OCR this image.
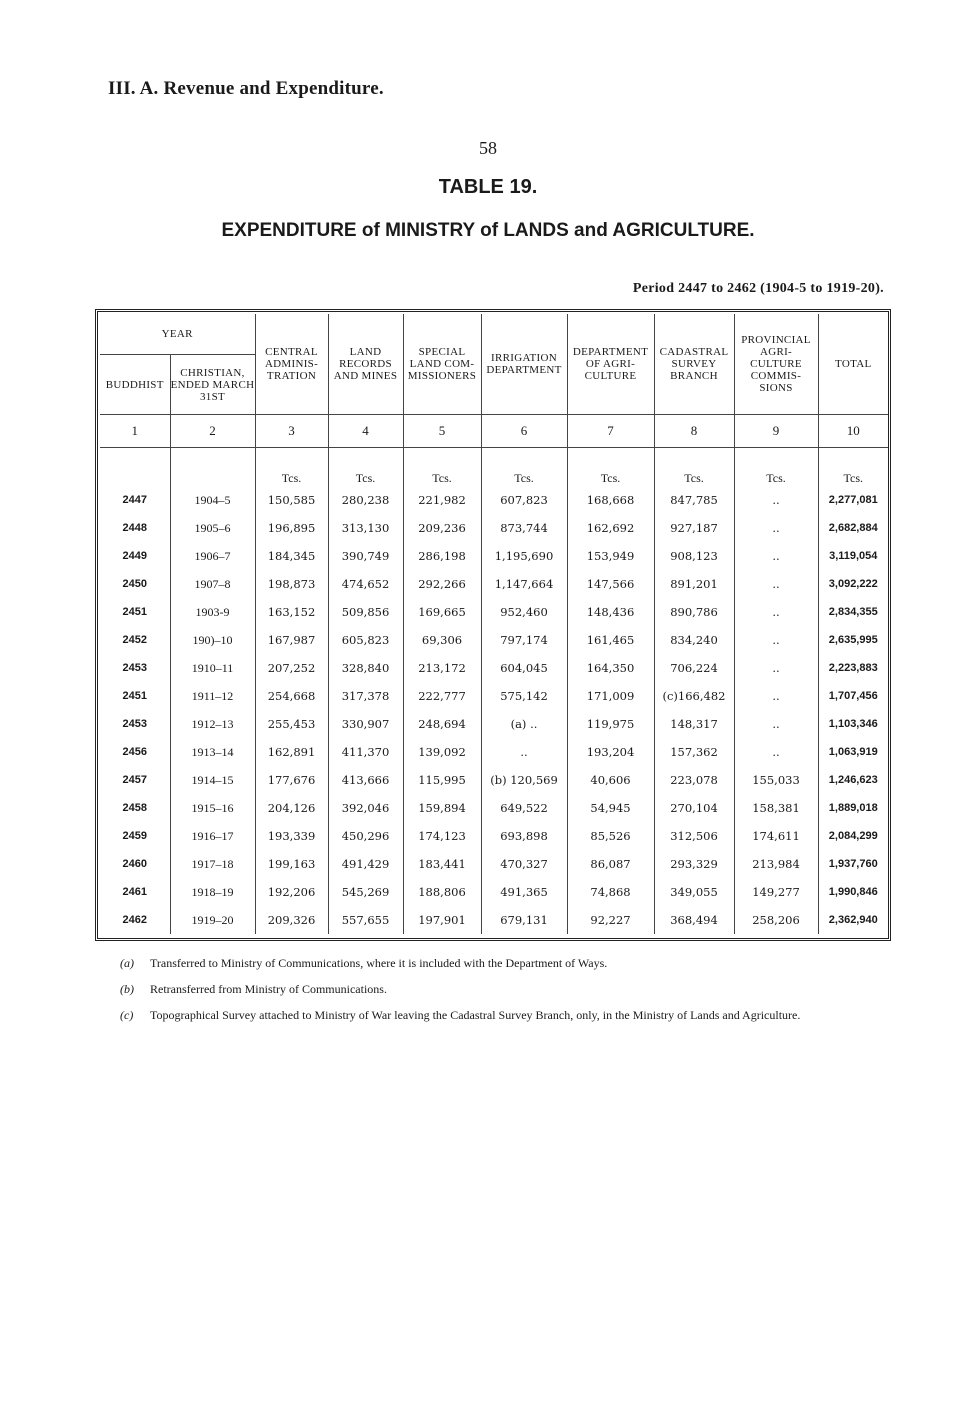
III. A. Revenue and Expenditure.
58
TABLE 19.
EXPENDITURE of MINISTRY of LANDS and AGRICULTURE.
Period 2447 to 2462 (1904-5 to 1919-20).
YEAR		CENTRAL ADMINIS-TRATION	LAND RECORDS AND MINES	SPECIAL LAND COM-MISSIONERS	IRRIGATION DEPARTMENT	DEPARTMENT OF AGRI-CULTURE	CADASTRAL SURVEY BRANCH	PROVINCIAL AGRI-CULTURE COMMIS-SIONS	TOTAL
BUDDHIST	CHRISTIAN, ENDED MARCH 31ST								
1	2	3	4	5	6	7	8	9	10
		Tcs.	Tcs.	Tcs.	Tcs.	Tcs.	Tcs.	Tcs.	Tcs.
2447	1904–5	150,585	280,238	221,982	607,823	168,668	847,785	..	2,277,081
2448	1905–6	196,895	313,130	209,236	873,744	162,692	927,187	..	2,682,884
2449	1906–7	184,345	390,749	286,198	1,195,690	153,949	908,123	..	3,119,054
2450	1907–8	198,873	474,652	292,266	1,147,664	147,566	891,201	..	3,092,222
2451	1903-9	163,152	509,856	169,665	952,460	148,436	890,786	..	2,834,355
2452	190)–10	167,987	605,823	69,306	797,174	161,465	834,240	..	2,635,995
2453	1910–11	207,252	328,840	213,172	604,045	164,350	706,224	..	2,223,883
2451	1911–12	254,668	317,378	222,777	575,142	171,009	(c)166,482	..	1,707,456
2453	1912–13	255,453	330,907	248,694	(a) ..	119,975	148,317	..	1,103,346
2456	1913–14	162,891	411,370	139,092	..	193,204	157,362	..	1,063,919
2457	1914–15	177,676	413,666	115,995	(b) 120,569	40,606	223,078	155,033	1,246,623
2458	1915–16	204,126	392,046	159,894	649,522	54,945	270,104	158,381	1,889,018
2459	1916–17	193,339	450,296	174,123	693,898	85,526	312,506	174,611	2,084,299
2460	1917–18	199,163	491,429	183,441	470,327	86,087	293,329	213,984	1,937,760
2461	1918–19	192,206	545,269	188,806	491,365	74,868	349,055	149,277	1,990,846
2462	1919–20	209,326	557,655	197,901	679,131	92,227	368,494	258,206	2,362,940
(a) Transferred to Ministry of Communications, where it is included with the Department of Ways.
(b) Retransferred from Ministry of Communications.
(c) Topographical Survey attached to Ministry of War leaving the Cadastral Survey Branch, only, in the Ministry of Lands and Agriculture.
